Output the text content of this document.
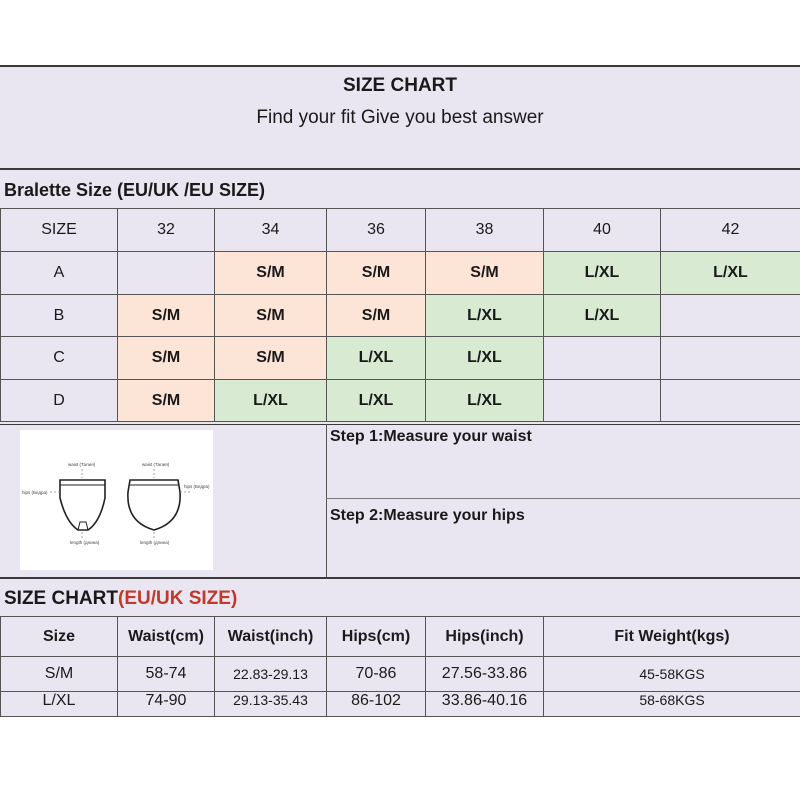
SIZE CHART
Find your fit Give you best answer
Bralette Size (EU/UK /EU SIZE)
SIZE	32	34	36	38	40	42
A		S/M	S/M	S/M	L/XL	L/XL
B	S/M	S/M	S/M	L/XL	L/XL	
C	S/M	S/M	L/XL	L/XL		
D	S/M	L/XL	L/XL	L/XL		
waist (Талия)	waist (Талия)
hips (Бедра)
hips (Бедра)
length (длина)	length (длина)
Step 1:Measure your waist
Step 2:Measure your hips
SIZE CHART(EU/UK SIZE)
Size	Waist(cm)	Waist(inch)	Hips(cm)	Hips(inch)	Fit Weight(kgs)
S/M	58-74	22.83-29.13	70-86	27.56-33.86	45-58KGS
L/XL	74-90	29.13-35.43	86-102	33.86-40.16	58-68KGS
